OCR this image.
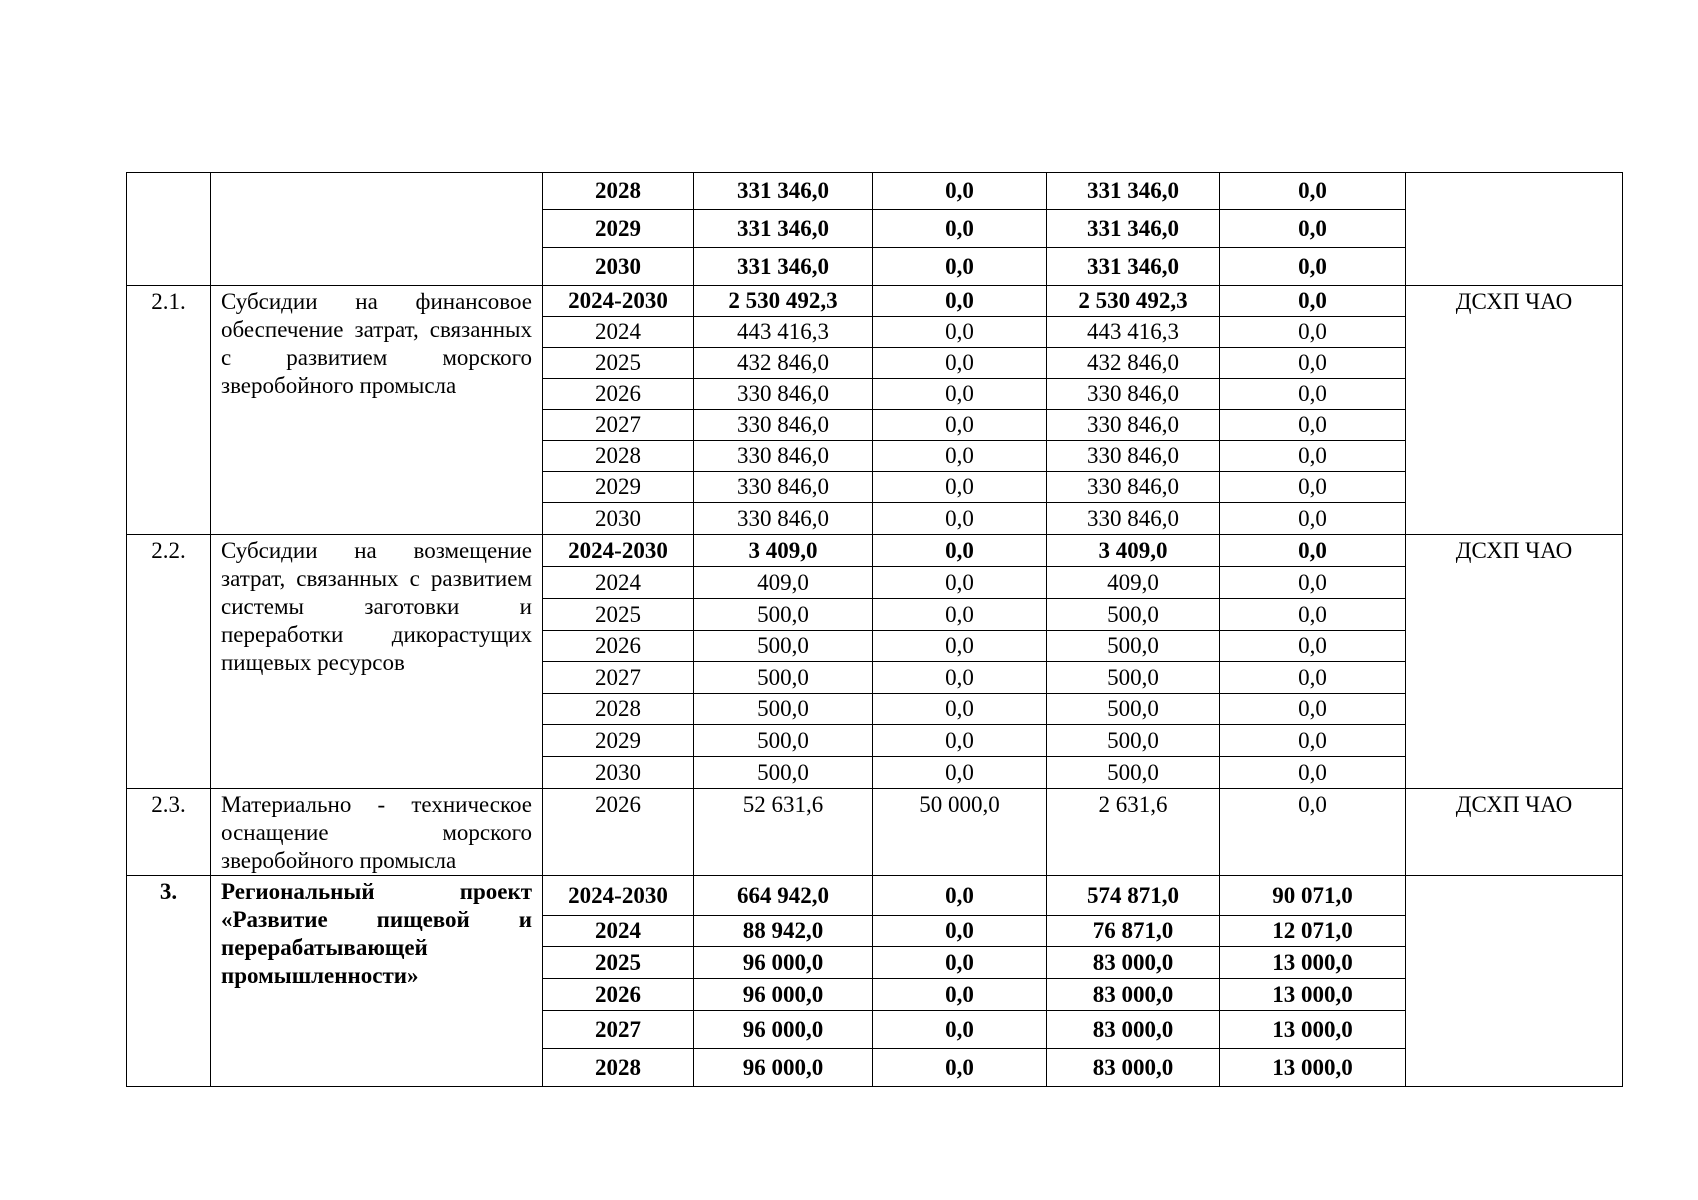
		2028	331 346,0	0,0	331 346,0	0,0	
		2029	331 346,0	0,0	331 346,0	0,0	
		2030	331 346,0	0,0	331 346,0	0,0	
2.1.	Субсидии на финансовое обеспечение затрат, связанных с развитием морского зверобойного промысла	2024-2030	2 530 492,3	0,0	2 530 492,3	0,0	ДСХП ЧАО
		2024	443 416,3	0,0	443 416,3	0,0	
		2025	432 846,0	0,0	432 846,0	0,0	
		2026	330 846,0	0,0	330 846,0	0,0	
		2027	330 846,0	0,0	330 846,0	0,0	
		2028	330 846,0	0,0	330 846,0	0,0	
		2029	330 846,0	0,0	330 846,0	0,0	
		2030	330 846,0	0,0	330 846,0	0,0	
2.2.	Субсидии на возмещение затрат, связанных с развитием системы заготовки и переработки дикорастущих пищевых ресурсов	2024-2030	3 409,0	0,0	3 409,0	0,0	ДСХП ЧАО
		2024	409,0	0,0	409,0	0,0	
		2025	500,0	0,0	500,0	0,0	
		2026	500,0	0,0	500,0	0,0	
		2027	500,0	0,0	500,0	0,0	
		2028	500,0	0,0	500,0	0,0	
		2029	500,0	0,0	500,0	0,0	
		2030	500,0	0,0	500,0	0,0	
2.3.	Материально - техническое оснащение морского зверобойного промысла	2026	52 631,6	50 000,0	2 631,6	0,0	ДСХП ЧАО
3.	Региональный проект «Развитие пищевой и перерабатывающей промышленности»	2024-2030	664 942,0	0,0	574 871,0	90 071,0	
		2024	88 942,0	0,0	76 871,0	12 071,0	
		2025	96 000,0	0,0	83 000,0	13 000,0	
		2026	96 000,0	0,0	83 000,0	13 000,0	
		2027	96 000,0	0,0	83 000,0	13 000,0	
		2028	96 000,0	0,0	83 000,0	13 000,0	
